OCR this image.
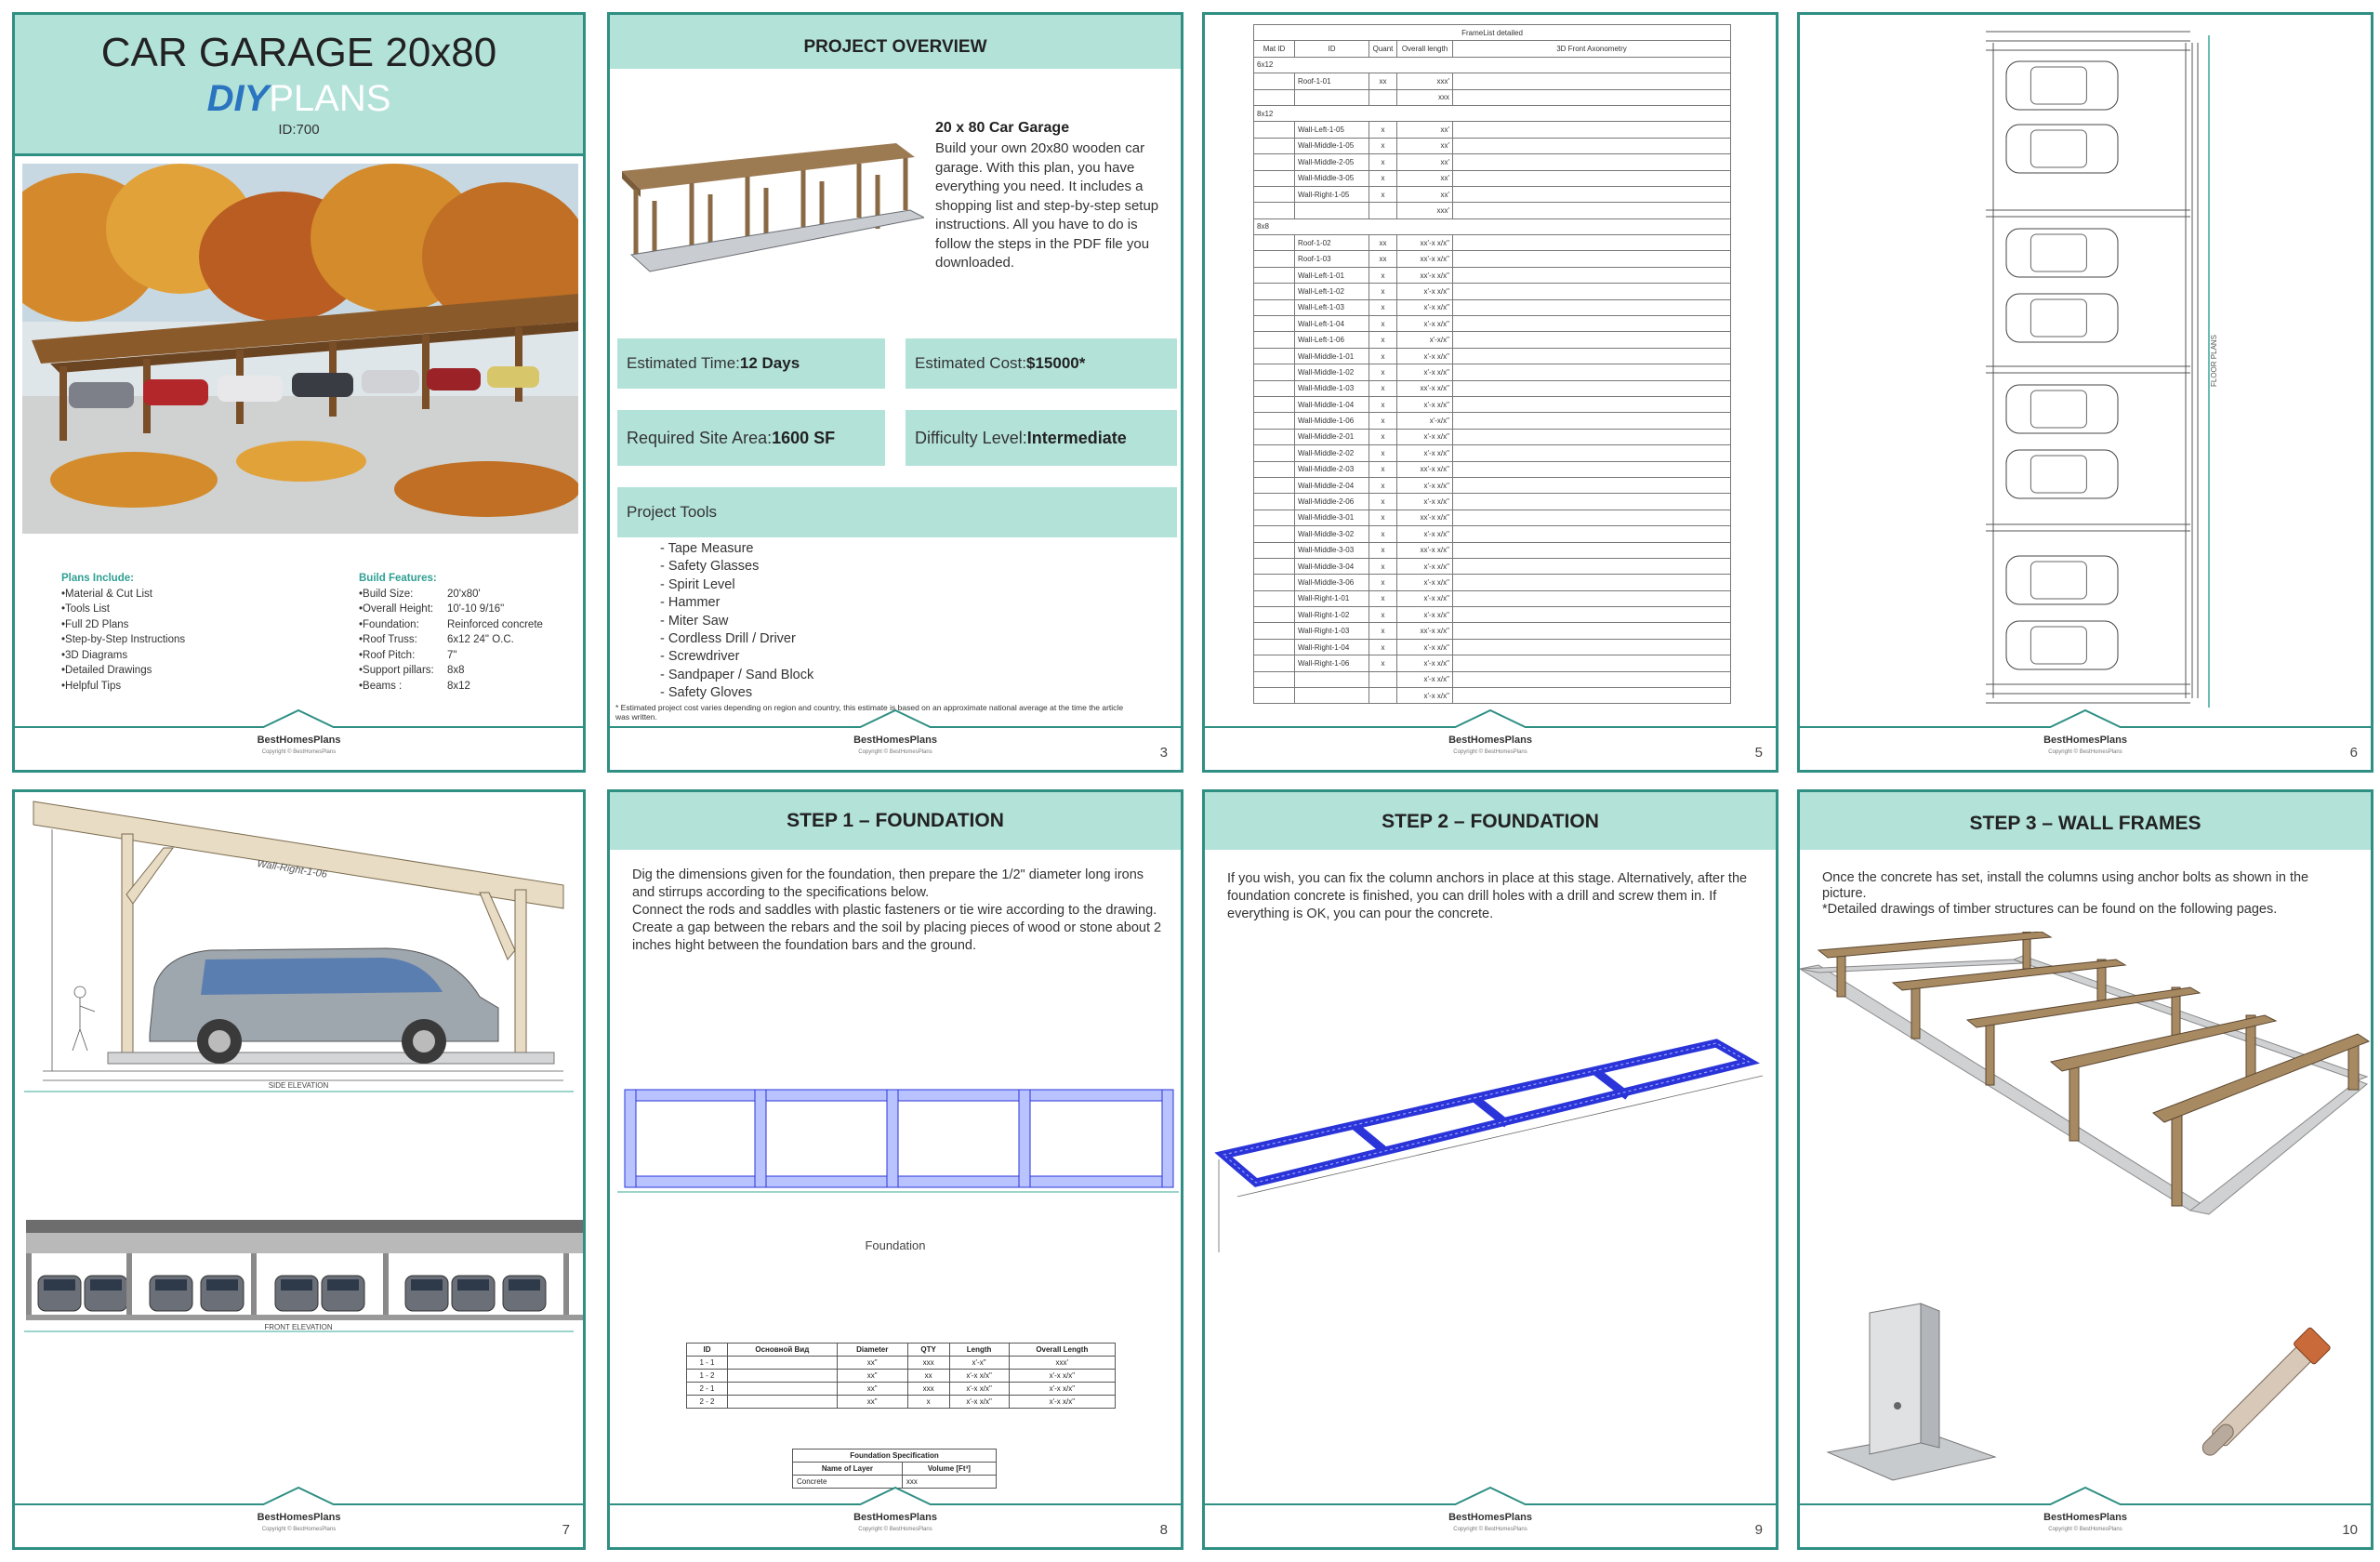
CAR GARAGE 20x80
DIYPLANS
ID:700
Plans Include:
•Material & Cut List
•Tools List
•Full 2D Plans
•Step-by-Step Instructions
•3D Diagrams
•Detailed Drawings
•Helpful Tips
Build Features:
•Build Size:	20'x80'
•Overall Height:	10'-10 9/16"
•Foundation:	Reinforced concrete
•Roof Truss:	6x12 24" O.C.
•Roof Pitch:	7"
•Support pillars:	8x8
•Beams :	8x12
BestHomesPlans
Copyright © BestHomesPlans
PROJECT OVERVIEW
20 x 80 Car Garage
Build your own 20x80 wooden car garage. With this plan, you have everything you need. It includes a shopping list and step-by-step setup instructions. All you have to do is follow the steps in the PDF file you downloaded.
Estimated Time: 12 Days	Estimated Cost: $15000*
Required Site Area: 1600 SF	Difficulty Level: Intermediate
Project Tools
- Tape Measure
- Safety Glasses
- Spirit Level
- Hammer
- Miter Saw
- Cordless Drill / Driver
- Screwdriver
- Sandpaper / Sand Block
- Safety Gloves
* Estimated project cost varies depending on region and country, this estimate is based on an approximate national average at the time the article was written.
BestHomesPlans
Copyright © BestHomesPlans	3
FrameList detailed				
Mat ID	ID	Quant	Overall length	3D Front Axonometry
6x12				
	Roof-1-01	xx	xxx'	
			xxx	
8x12				
	Wall-Left-1-05	x	xx'	
	Wall-Middle-1-05	x	xx'	
	Wall-Middle-2-05	x	xx'	
	Wall-Middle-3-05	x	xx'	
	Wall-Right-1-05	x	xx'	
			xxx'	
8x8				
	Roof-1-02	xx	xx'-x x/x"	
	Roof-1-03	xx	xx'-x x/x"	
	Wall-Left-1-01	x	xx'-x x/x"	
	Wall-Left-1-02	x	x'-x x/x"	
	Wall-Left-1-03	x	x'-x x/x"	
	Wall-Left-1-04	x	x'-x x/x"	
	Wall-Left-1-06	x	x'-x/x"	
	Wall-Middle-1-01	x	x'-x x/x"	
	Wall-Middle-1-02	x	x'-x x/x"	
	Wall-Middle-1-03	x	xx'-x x/x"	
	Wall-Middle-1-04	x	x'-x x/x"	
	Wall-Middle-1-06	x	x'-x/x"	
	Wall-Middle-2-01	x	x'-x x/x"	
	Wall-Middle-2-02	x	x'-x x/x"	
	Wall-Middle-2-03	x	xx'-x x/x"	
	Wall-Middle-2-04	x	x'-x x/x"	
	Wall-Middle-2-06	x	x'-x x/x"	
	Wall-Middle-3-01	x	xx'-x x/x"	
	Wall-Middle-3-02	x	x'-x x/x"	
	Wall-Middle-3-03	x	xx'-x x/x"	
	Wall-Middle-3-04	x	x'-x x/x"	
	Wall-Middle-3-06	x	x'-x x/x"	
	Wall-Right-1-01	x	x'-x x/x"	
	Wall-Right-1-02	x	x'-x x/x"	
	Wall-Right-1-03	x	xx'-x x/x"	
	Wall-Right-1-04	x	x'-x x/x"	
	Wall-Right-1-06	x	x'-x x/x"	
			x'-x x/x"	
			x'-x x/x"	
BestHomesPlans
Copyright © BestHomesPlans	5
FLOOR PLANS
BestHomesPlans
Copyright © BestHomesPlans	6
Wall-Right-1-06
SIDE ELEVATION
FRONT ELEVATION
BestHomesPlans
Copyright © BestHomesPlans	7
STEP 1 – FOUNDATION
Dig the dimensions given for the foundation, then prepare the 1/2" diameter long irons and stirrups according to the specifications below.
Connect the rods and saddles with plastic fasteners or tie wire according to the drawing.
Create a gap between the rebars and the soil by placing pieces of wood or stone about 2 inches hight between the foundation bars and the ground.
Foundation
ID	Основной Вид	Diameter	QTY	Length	Overall Length
1 - 1		xx"	xxx	x'-x"	xxx'
1 - 2		xx"	xx	x'-x x/x"	x'-x x/x"
2 - 1		xx"	xxx	x'-x x/x"	x'-x x/x"
2 - 2		xx"	x	x'-x x/x"	x'-x x/x"
Foundation Specification	
Name of Layer	Volume [Ft³]
Concrete	xxx
BestHomesPlans
Copyright © BestHomesPlans	8
STEP 2 – FOUNDATION
If you wish, you can fix the column anchors in place at this stage. Alternatively, after the foundation concrete is finished, you can drill holes with a drill and screw them in. If everything is OK, you can pour the concrete.
BestHomesPlans
Copyright © BestHomesPlans	9
STEP 3 – WALL FRAMES
Once the concrete has set, install the columns using anchor bolts as shown in the picture.
*Detailed drawings of timber structures can be found on the following pages.
BestHomesPlans
Copyright © BestHomesPlans	10
